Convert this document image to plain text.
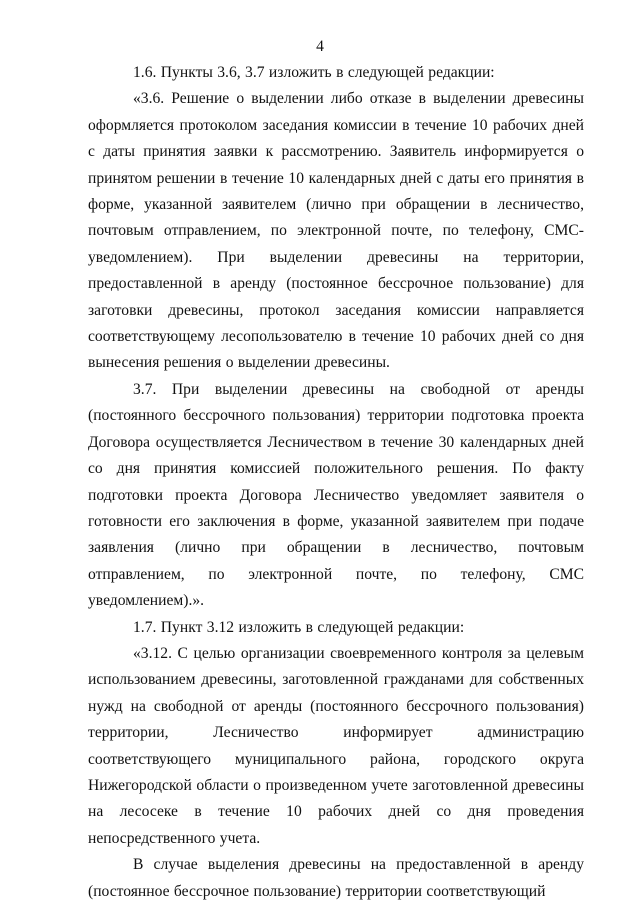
4

1.6. Пункты 3.6, 3.7 изложить в следующей редакции:

«3.6. Решение о выделении либо отказе в выделении древесины оформляется протоколом заседания комиссии в течение 10 рабочих дней с даты принятия заявки к рассмотрению. Заявитель информируется о принятом решении в течение 10 календарных дней с даты его принятия в форме, указанной заявителем (лично при обращении в лесничество, почтовым отправлением, по электронной почте, по телефону, СМС-уведомлением). При выделении древесины на территории, предоставленной в аренду (постоянное бессрочное пользование) для заготовки древесины, протокол заседания комиссии направляется соответствующему лесопользователю в течение 10 рабочих дней со дня вынесения решения о выделении древесины.

3.7. При выделении древесины на свободной от аренды (постоянного бессрочного пользования) территории подготовка проекта Договора осуществляется Лесничеством в течение 30 календарных дней со дня принятия комиссией положительного решения. По факту подготовки проекта Договора Лесничество уведомляет заявителя о готовности его заключения в форме, указанной заявителем при подаче заявления (лично при обращении в лесничество, почтовым отправлением, по электронной почте, по телефону, СМС уведомлением).».

1.7. Пункт 3.12 изложить в следующей редакции:

«3.12. С целью организации своевременного контроля за целевым использованием древесины, заготовленной гражданами для собственных нужд на свободной от аренды (постоянного бессрочного пользования) территории, Лесничество информирует администрацию соответствующего муниципального района, городского округа Нижегородской области о произведенном учете заготовленной древесины на лесосеке в течение 10 рабочих дней со дня проведения непосредственного учета.

В случае выделения древесины на предоставленной в аренду (постоянное бессрочное пользование) территории соответствующий
